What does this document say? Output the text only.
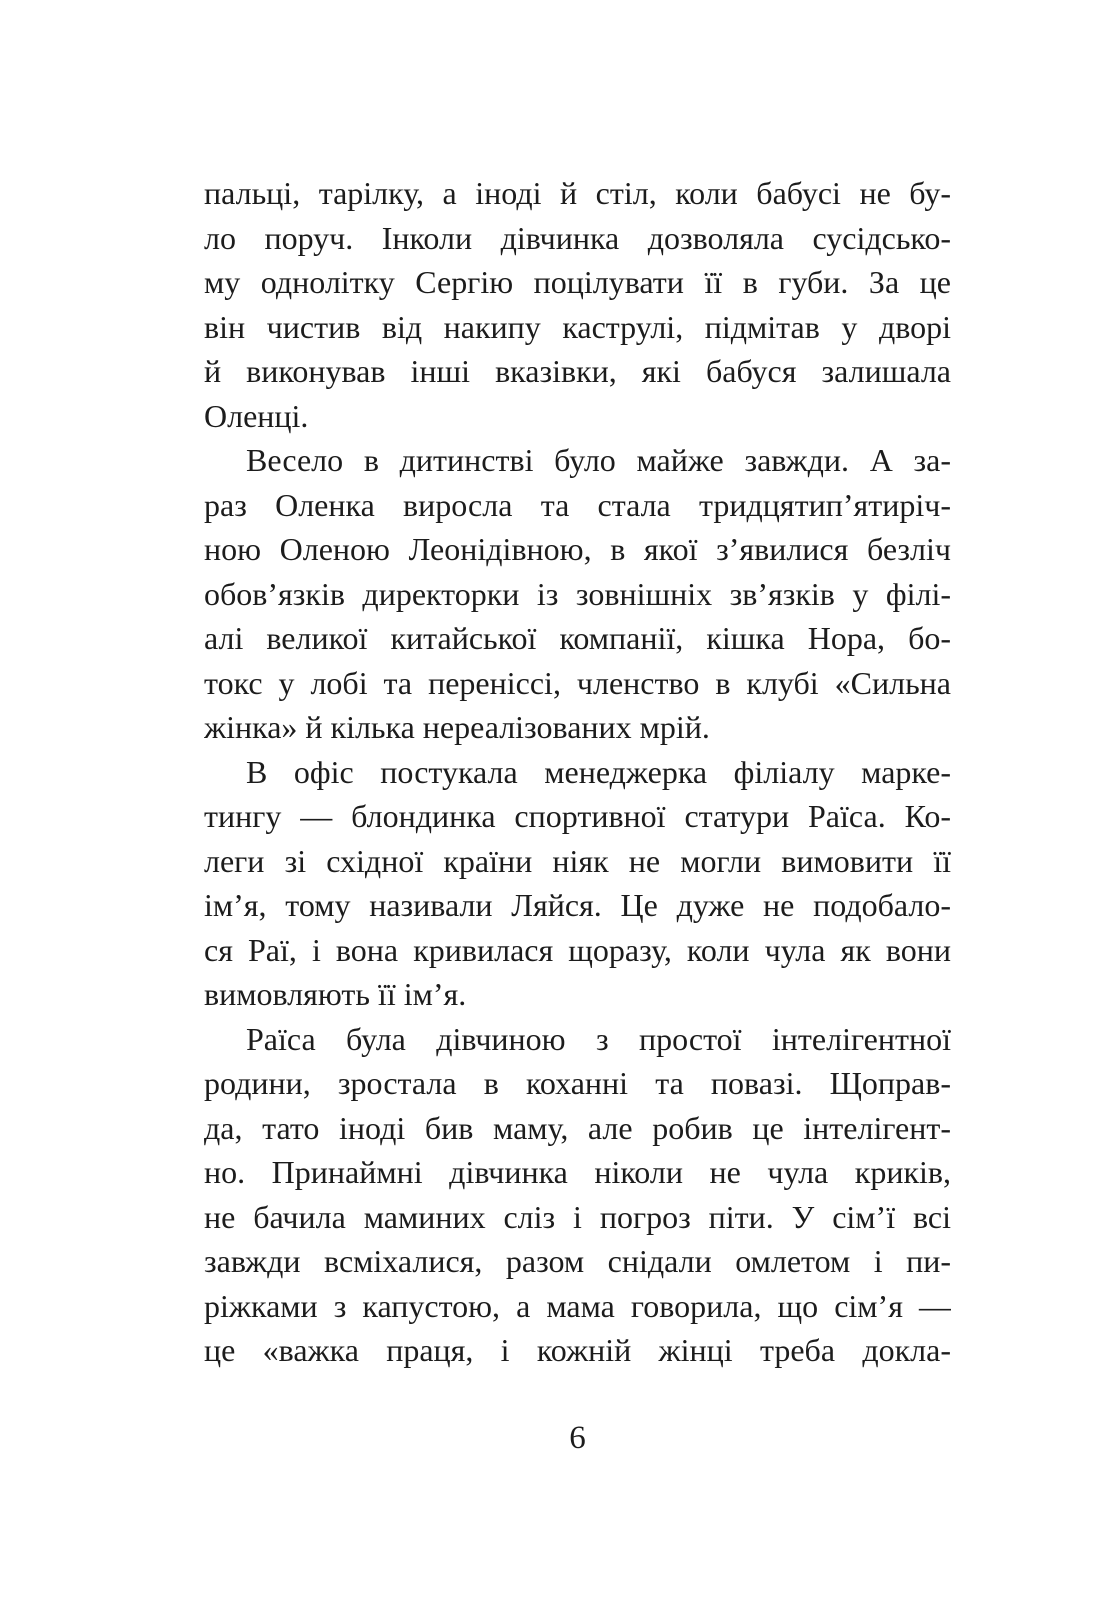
пальці, тарілку, а іноді й стіл, коли бабусі не бу-
ло поруч. Інколи дівчинка дозволяла сусідсько-
му однолітку Сергію поцілувати її в губи. За це
він чистив від накипу каструлі, підмітав у дворі
й виконував інші вказівки, які бабуся залишала
Оленці.
Весело в дитинстві було майже завжди. А за-
раз Оленка виросла та стала тридцятип’ятиріч-
ною Оленою Леонідівною, в якої з’явилися безліч
обов’язків директорки із зовнішніх зв’язків у філі-
алі великої китайської компанії, кішка Нора, бо-
токс у лобі та переніссі, членство в клубі «Сильна
жінка» й кілька нереалізованих мрій.
В офіс постукала менеджерка філіалу марке-
тингу — блондинка спортивної статури Раїса. Ко-
леги зі східної країни ніяк не могли вимовити її
ім’я, тому називали Ляйся. Це дуже не подобало-
ся Раї, і вона кривилася щоразу, коли чула як вони
вимовляють її ім’я.
Раїса була дівчиною з простої інтелігентної
родини, зростала в коханні та повазі. Щоправ-
да, тато іноді бив маму, але робив це інтелігент-
но. Принаймні дівчинка ніколи не чула криків,
не бачила маминих сліз і погроз піти. У сім’ї всі
завжди всміхалися, разом снідали омлетом і пи-
ріжками з капустою, а мама говорила, що сім’я —
це «важка праця, і кожній жінці треба докла-
6
